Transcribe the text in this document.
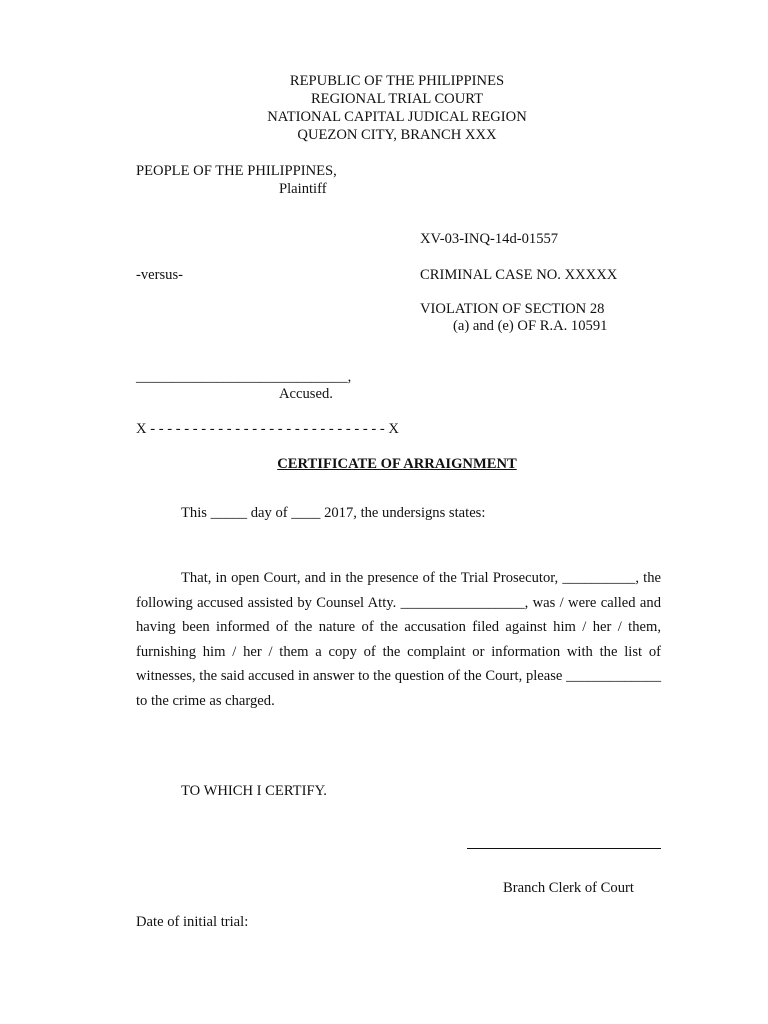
REPUBLIC OF THE PHILIPPINES
REGIONAL TRIAL COURT
NATIONAL CAPITAL JUDICAL REGION
QUEZON CITY, BRANCH XXX
PEOPLE OF THE PHILIPPINES,
Plaintiff
XV-03-INQ-14d-01557
-versus-	CRIMINAL CASE NO. XXXXX
VIOLATION OF SECTION 28
(a) and (e) OF R.A. 10591
_____________________________,
Accused.
X - - - - - - - - - - - - - - - - - - - - - - - - - - - - X
CERTIFICATE OF ARRAIGNMENT
This _____ day of ____ 2017, the undersigns states:
That, in open Court, and in the presence of the Trial Prosecutor, __________, the following accused assisted by Counsel Atty. _________________, was / were called and having been informed of the nature of the accusation filed against him / her / them, furnishing him / her / them a copy of the complaint or information with the list of witnesses, the said accused in answer to the question of the Court, please _____________ to the crime as charged.
TO WHICH I CERTIFY.
Branch Clerk of Court
Date of initial trial:
